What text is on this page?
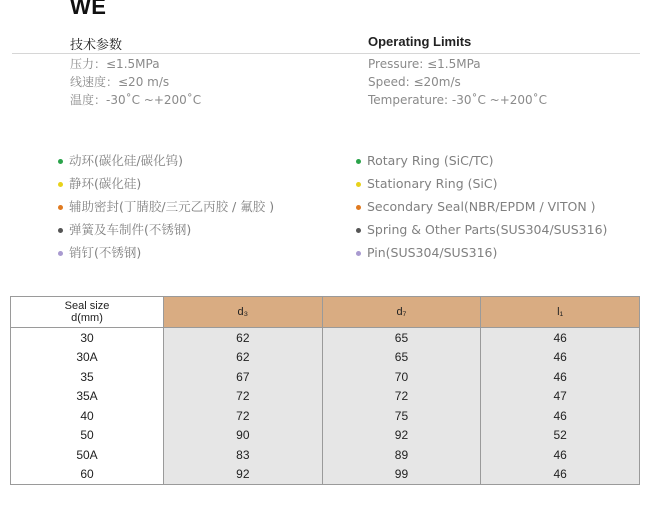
WE
技术参数	Operating Limits
压力：≤1.5MPa
线速度：≤20 m/s
温度：-30˚C ~+200˚C
Pressure: ≤1.5MPa
Speed: ≤20m/s
Temperature: -30˚C ~+200˚C
动环(碳化硅/碳化钨)
静环(碳化硅)
辅助密封(丁腈胶/三元乙丙胶 / 氟胶 )
弹簧及车制件(不锈钢)
销钉(不锈钢)
Rotary Ring (SiC/TC)
Stationary Ring (SiC)
Secondary Seal(NBR/EPDM / VITON )
Spring & Other Parts(SUS304/SUS316)
Pin(SUS304/SUS316)
Seal size
d(mm)	d₃	d₇	l₁
30	62	65	46
30A	62	65	46
35	67	70	46
35A	72	72	47
40	72	75	46
50	90	92	52
50A	83	89	46
60	92	99	46
